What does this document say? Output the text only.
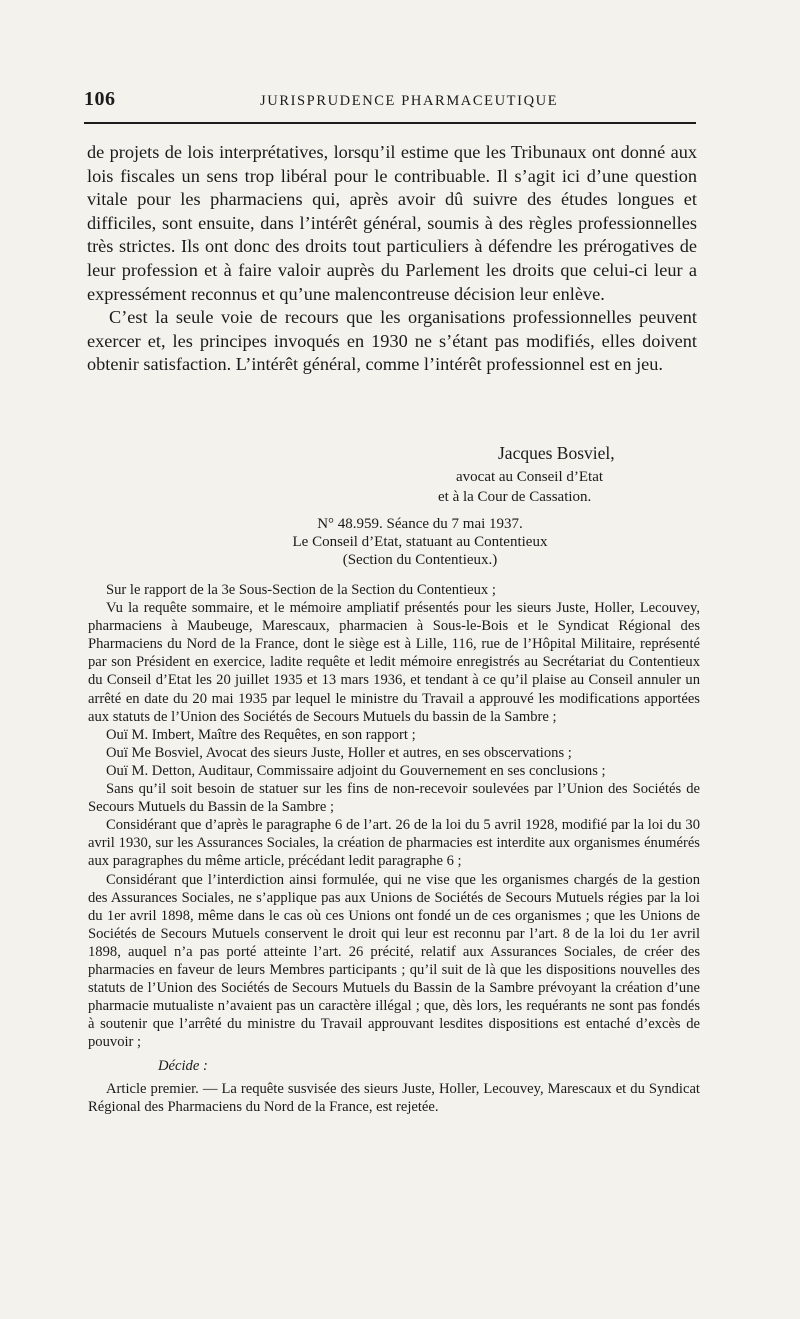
106	JURISPRUDENCE PHARMACEUTIQUE

de projets de lois interprétatives, lorsqu’il estime que les Tribunaux ont donné aux lois fiscales un sens trop libéral pour le contribuable. Il s’agit ici d’une question vitale pour les pharmaciens qui, après avoir dû suivre des études longues et difficiles, sont ensuite, dans l’intérêt général, soumis à des règles professionnelles très strictes. Ils ont donc des droits tout particuliers à défendre les prérogatives de leur profession et à faire valoir auprès du Parlement les droits que celui-ci leur a expressément reconnus et qu’une malencontreuse décision leur enlève.

C’est la seule voie de recours que les organisations professionnelles peuvent exercer et, les principes invoqués en 1930 ne s’étant pas modifiés, elles doivent obtenir satisfaction. L’intérêt général, comme l’intérêt professionnel est en jeu.

Jacques Bosviel,
avocat au Conseil d’Etat
et à la Cour de Cassation.
N° 48.959. Séance du 7 mai 1937.
Le Conseil d’Etat, statuant au Contentieux
(Section du Contentieux.)

Sur le rapport de la 3e Sous-Section de la Section du Contentieux ;

Vu la requête sommaire, et le mémoire ampliatif présentés pour les sieurs Juste, Holler, Lecouvey, pharmaciens à Maubeuge, Marescaux, pharmacien à Sous-le-Bois et le Syndicat Régional des Pharmaciens du Nord de la France, dont le siège est à Lille, 116, rue de l’Hôpital Militaire, représenté par son Président en exercice, ladite requête et ledit mémoire enregistrés au Secrétariat du Contentieux du Conseil d’Etat les 20 juillet 1935 et 13 mars 1936, et tendant à ce qu’il plaise au Conseil annuler un arrêté en date du 20 mai 1935 par lequel le ministre du Travail a approuvé les modifications apportées aux statuts de l’Union des Sociétés de Secours Mutuels du bassin de la Sambre ;

Ouï M. Imbert, Maître des Requêtes, en son rapport ;

Ouï Me Bosviel, Avocat des sieurs Juste, Holler et autres, en ses obscervations ;

Ouï M. Detton, Auditaur, Commissaire adjoint du Gouvernement en ses conclusions ;

Sans qu’il soit besoin de statuer sur les fins de non-recevoir soulevées par l’Union des Sociétés de Secours Mutuels du Bassin de la Sambre ;

Considérant que d’après le paragraphe 6 de l’art. 26 de la loi du 5 avril 1928, modifié par la loi du 30 avril 1930, sur les Assurances Sociales, la création de pharmacies est interdite aux organismes énumérés aux paragraphes du même article, précédant ledit paragraphe 6 ;

Considérant que l’interdiction ainsi formulée, qui ne vise que les organismes chargés de la gestion des Assurances Sociales, ne s’applique pas aux Unions de Sociétés de Secours Mutuels régies par la loi du 1er avril 1898, même dans le cas où ces Unions ont fondé un de ces organismes ; que les Unions de Sociétés de Secours Mutuels conservent le droit qui leur est reconnu par l’art. 8 de la loi du 1er avril 1898, auquel n’a pas porté atteinte l’art. 26 précité, relatif aux Assurances Sociales, de créer des pharmacies en faveur de leurs Membres participants ; qu’il suit de là que les dispositions nouvelles des statuts de l’Union des Sociétés de Secours Mutuels du Bassin de la Sambre prévoyant la création d’une pharmacie mutualiste n’avaient pas un caractère illégal ; que, dès lors, les requérants ne sont pas fondés à soutenir que l’arrêté du ministre du Travail approuvant lesdites dispositions est entaché d’excès de pouvoir ;

Décide :

Article premier. — La requête susvisée des sieurs Juste, Holler, Lecouvey, Marescaux et du Syndicat Régional des Pharmaciens du Nord de la France, est rejetée.
